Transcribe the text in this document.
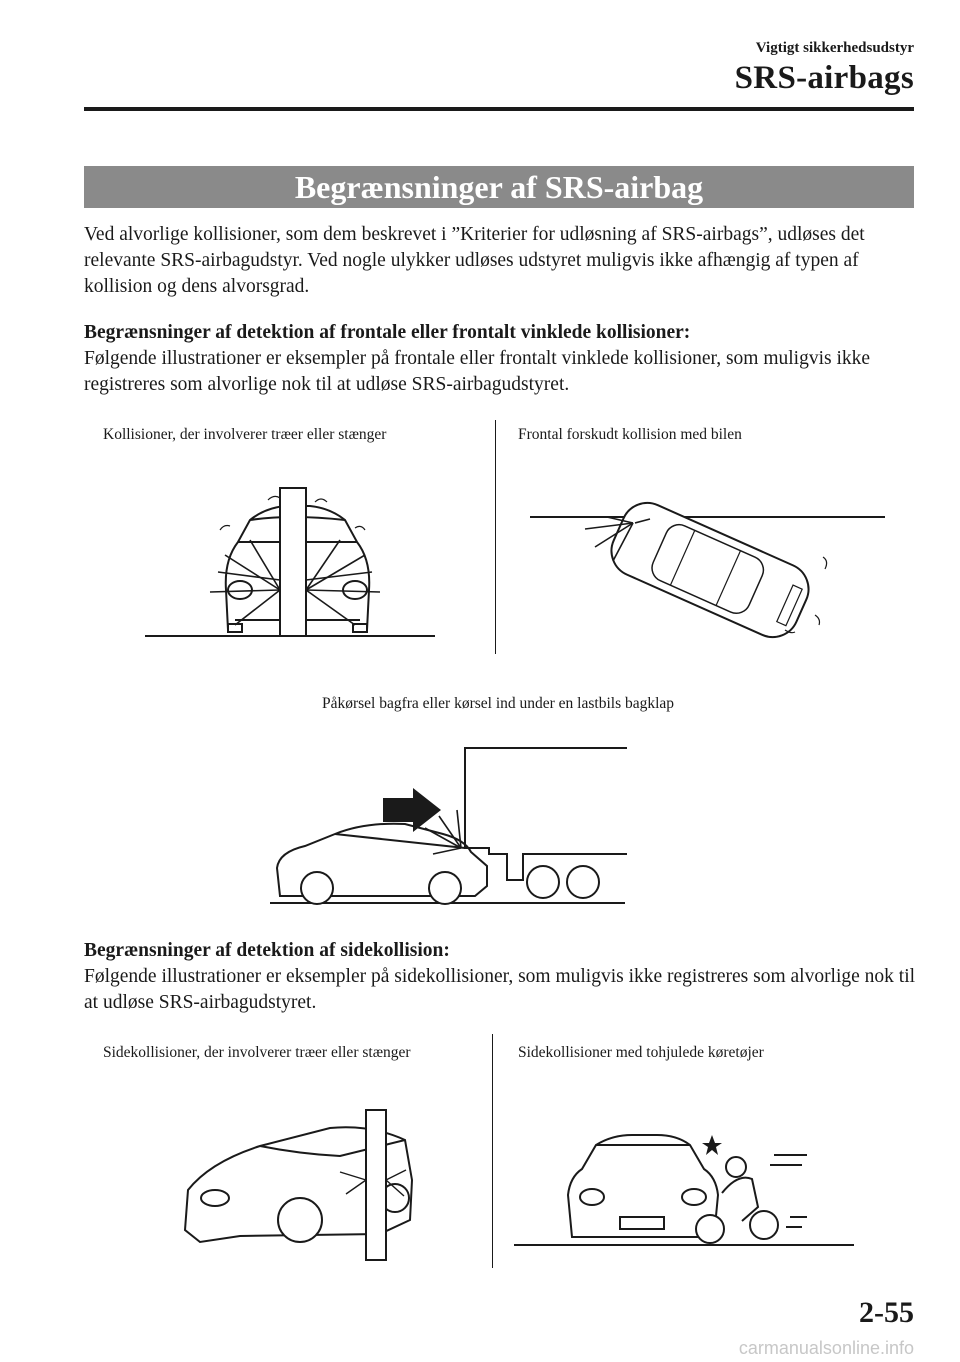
Vigtigt sikkerhedsudstyr
SRS-airbags
Begrænsninger af SRS-airbag
Ved alvorlige kollisioner, som dem beskrevet i ”Kriterier for udløsning af SRS-airbags”, udløses det relevante SRS-airbagudstyr. Ved nogle ulykker udløses udstyret muligvis ikke afhængig af typen af kollision og dens alvorsgrad.
Begrænsninger af detektion af frontale eller frontalt vinklede kollisioner:
Følgende illustrationer er eksempler på frontale eller frontalt vinklede kollisioner, som muligvis ikke registreres som alvorlige nok til at udløse SRS-airbagudstyret.
Kollisioner, der involverer træer eller stænger	Frontal forskudt kollision med bilen
Påkørsel bagfra eller kørsel ind under en lastbils bagklap
Begrænsninger af detektion af sidekollision:
Følgende illustrationer er eksempler på sidekollisioner, som muligvis ikke registreres som alvorlige nok til at udløse SRS-airbagudstyret.
Sidekollisioner, der involverer træer eller stænger	Sidekollisioner med tohjulede køretøjer
2-55
carmanualsonline.info
